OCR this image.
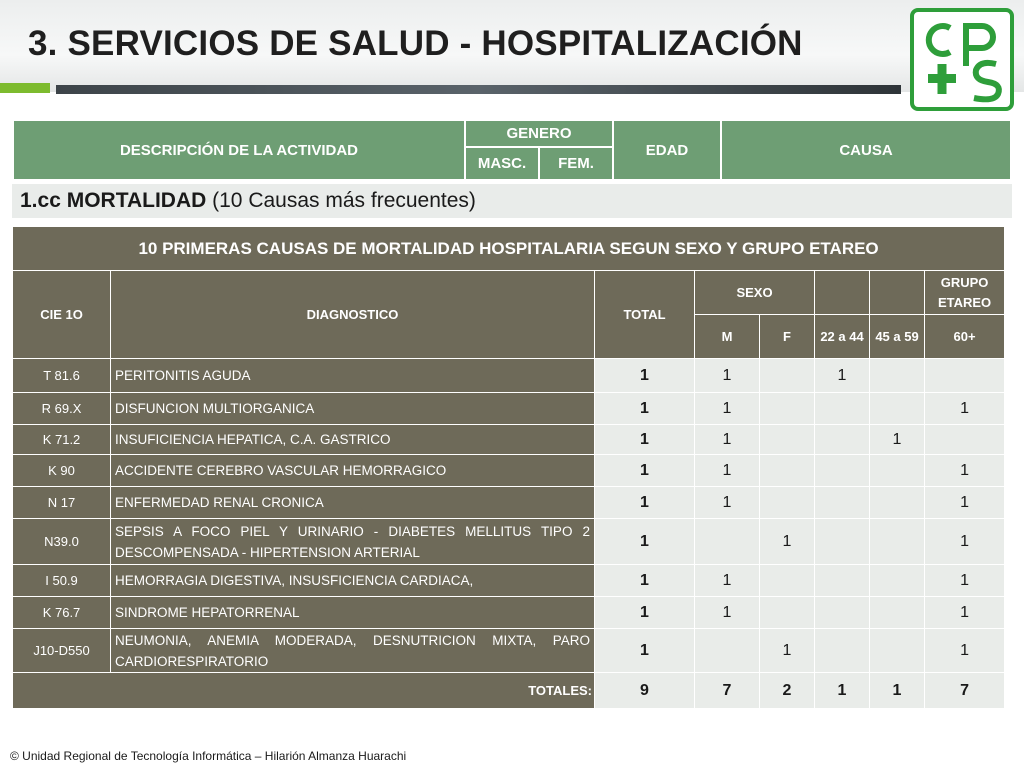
3. SERVICIOS DE SALUD - HOSPITALIZACIÓN
DESCRIPCIÓN DE LA ACTIVIDAD	GENERO		EDAD	CAUSA
	MASC.	FEM.		
1.cc MORTALIDAD (10 Causas más frecuentes)
10 PRIMERAS CAUSAS DE MORTALIDAD HOSPITALARIA SEGUN SEXO Y GRUPO ETAREO							
CIE 1O	DIAGNOSTICO	TOTAL	SEXO				GRUPO ETAREO
			M	F	22 a 44	45 a 59	60+
T 81.6	PERITONITIS AGUDA	1	1		1		
R 69.X	DISFUNCION MULTIORGANICA	1	1				1
K 71.2	INSUFICIENCIA HEPATICA, C.A. GASTRICO	1	1			1	
K 90	ACCIDENTE CEREBRO VASCULAR HEMORRAGICO	1	1				1
N 17	ENFERMEDAD RENAL CRONICA	1	1				1
N39.0	SEPSIS A FOCO PIEL Y URINARIO - DIABETES MELLITUS TIPO 2 DESCOMPENSADA - HIPERTENSION ARTERIAL	1		1			1
I 50.9	HEMORRAGIA DIGESTIVA, INSUSFICIENCIA CARDIACA,	1	1				1
K 76.7	SINDROME HEPATORRENAL	1	1				1
J10-D550	NEUMONIA, ANEMIA MODERADA, DESNUTRICION MIXTA, PARO CARDIORESPIRATORIO	1		1			1
TOTALES:		9	7	2	1	1	7
© Unidad Regional de Tecnología Informática – Hilarión Almanza Huarachi
